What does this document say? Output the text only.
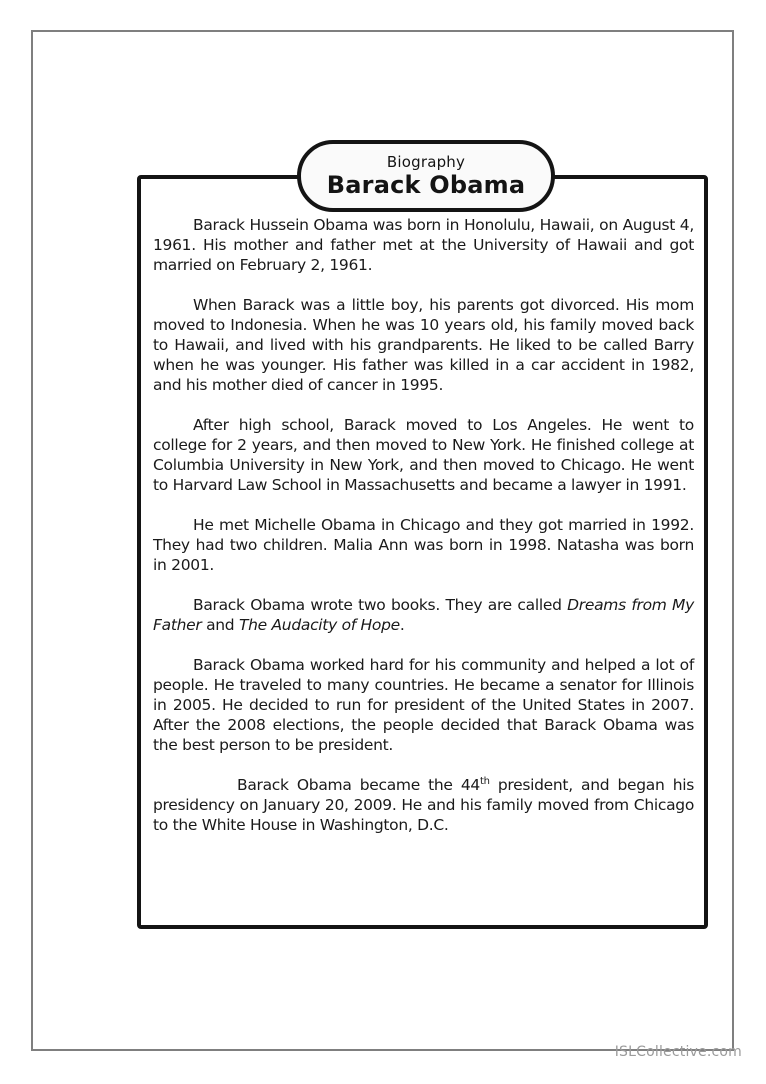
Biography
Barack Obama

Barack Hussein Obama was born in Honolulu, Hawaii, on August 4, 1961. His mother and father met at the University of Hawaii and got married on February 2, 1961.

When Barack was a little boy, his parents got divorced. His mom moved to Indonesia. When he was 10 years old, his family moved back to Hawaii, and lived with his grandparents. He liked to be called Barry when he was younger. His father was killed in a car accident in 1982, and his mother died of cancer in 1995.

After high school, Barack moved to Los Angeles. He went to college for 2 years, and then moved to New York. He finished college at Columbia University in New York, and then moved to Chicago. He went to Harvard Law School in Massachusetts and became a lawyer in 1991.

He met Michelle Obama in Chicago and they got married in 1992. They had two children. Malia Ann was born in 1998. Natasha was born in 2001.

Barack Obama wrote two books. They are called Dreams from My Father and The Audacity of Hope.

Barack Obama worked hard for his community and helped a lot of people. He traveled to many countries. He became a senator for Illinois in 2005. He decided to run for president of the United States in 2007. After the 2008 elections, the people decided that Barack Obama was the best person to be president.

Barack Obama became the 44th president, and began his presidency on January 20, 2009. He and his family moved from Chicago to the White House in Washington, D.C.

ISLCollective.com
